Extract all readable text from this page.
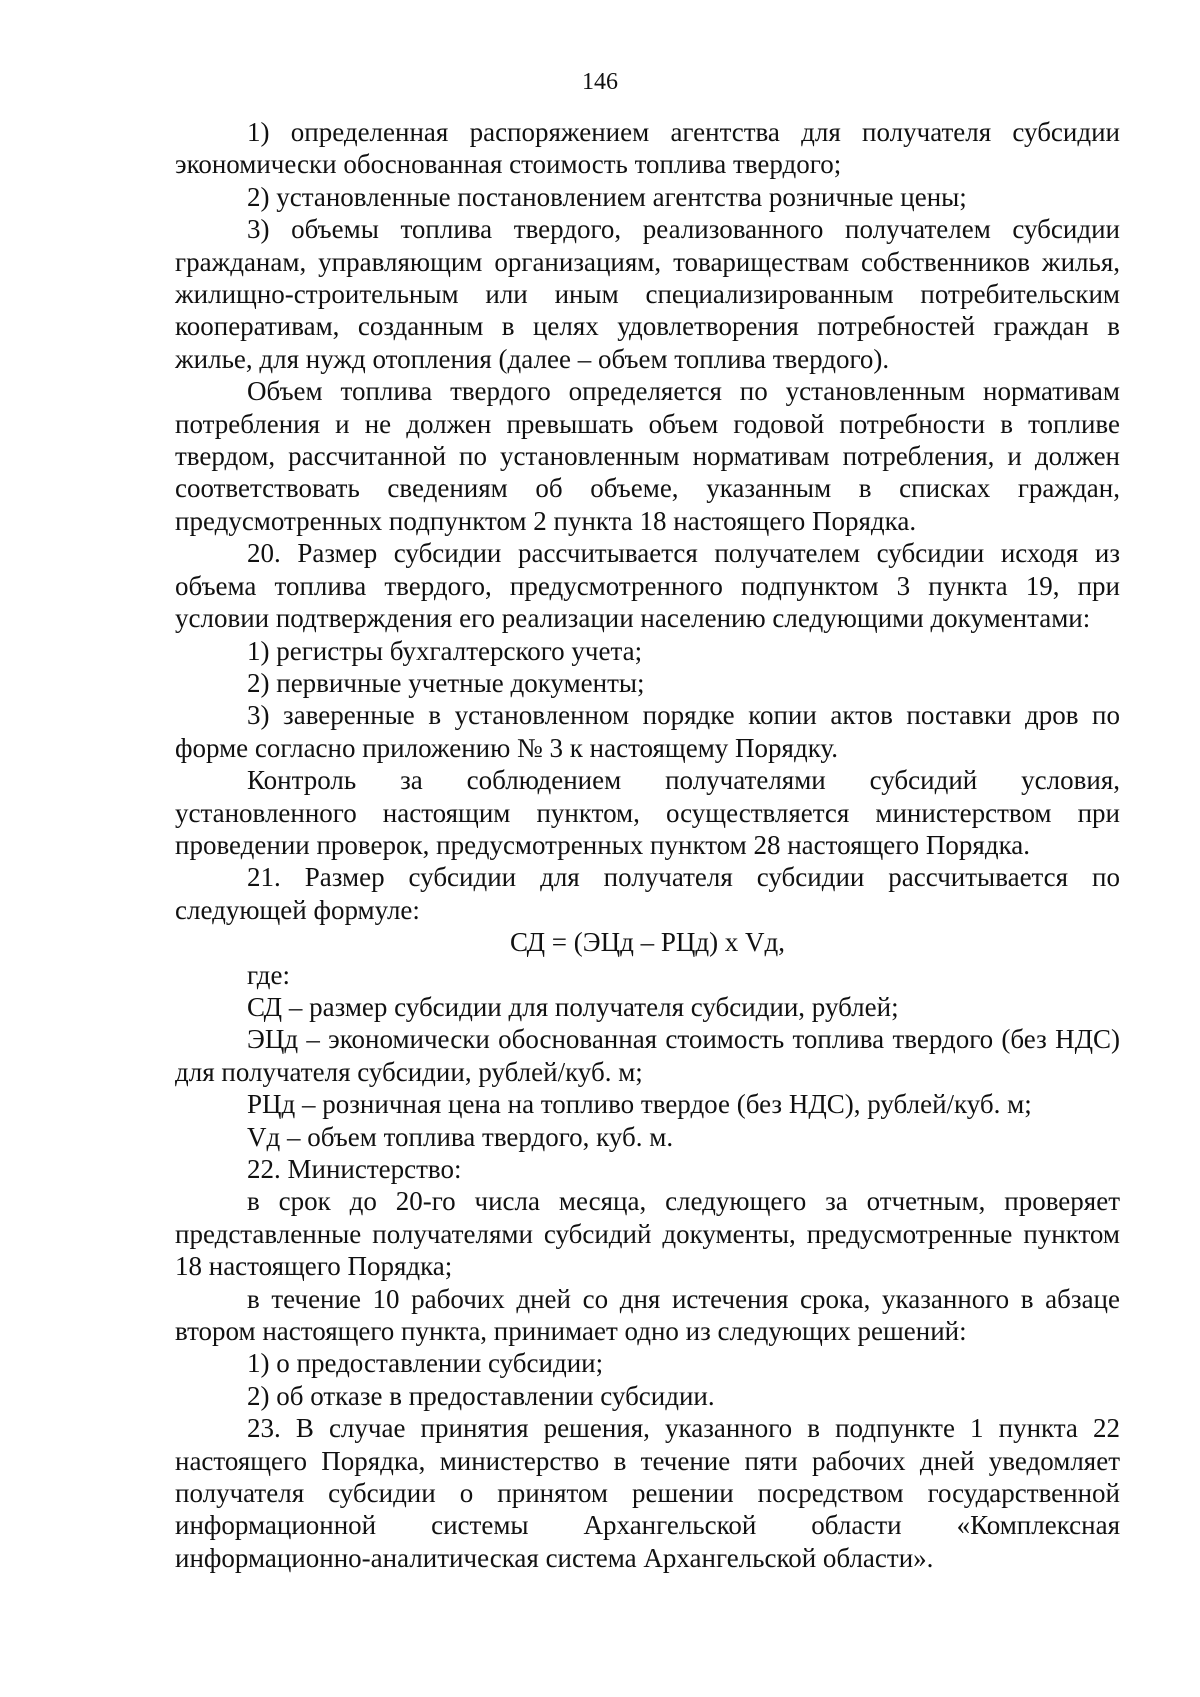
146

1) определенная распоряжением агентства для получателя субсидии экономически обоснованная стоимость топлива твердого;

2) установленные постановлением агентства розничные цены;

3) объемы топлива твердого, реализованного получателем субсидии гражданам, управляющим организациям, товариществам собственников жилья, жилищно-строительным или иным специализированным потребительским кооперативам, созданным в целях удовлетворения потребностей граждан в жилье, для нужд отопления (далее – объем топлива твердого).

Объем топлива твердого определяется по установленным нормативам потребления и не должен превышать объем годовой потребности в топливе твердом, рассчитанной по установленным нормативам потребления, и должен соответствовать сведениям об объеме, указанным в списках граждан, предусмотренных подпунктом 2 пункта 18 настоящего Порядка.

20. Размер субсидии рассчитывается получателем субсидии исходя из объема топлива твердого, предусмотренного подпунктом 3 пункта 19, при условии подтверждения его реализации населению следующими документами:

1) регистры бухгалтерского учета;

2) первичные учетные документы;

3) заверенные в установленном порядке копии актов поставки дров по форме согласно приложению № 3 к настоящему Порядку.

Контроль за соблюдением получателями субсидий условия, установленного настоящим пунктом, осуществляется министерством при проведении проверок, предусмотренных пунктом 28 настоящего Порядка.

21. Размер субсидии для получателя субсидии рассчитывается по следующей формуле:

СД = (ЭЦд – РЦд) х Vд,

где:

СД – размер субсидии для получателя субсидии, рублей;

ЭЦд – экономически обоснованная стоимость топлива твердого (без НДС) для получателя субсидии, рублей/куб. м;

РЦд – розничная цена на топливо твердое (без НДС), рублей/куб. м;

Vд – объем топлива твердого, куб. м.

22. Министерство:

в срок до 20-го числа месяца, следующего за отчетным, проверяет представленные получателями субсидий документы, предусмотренные пунктом 18 настоящего Порядка;

в течение 10 рабочих дней со дня истечения срока, указанного в абзаце втором настоящего пункта, принимает одно из следующих решений:

1) о предоставлении субсидии;

2) об отказе в предоставлении субсидии.

23. В случае принятия решения, указанного в подпункте 1 пункта 22 настоящего Порядка, министерство в течение пяти рабочих дней уведомляет получателя субсидии о принятом решении посредством государственной информационной системы Архангельской области «Комплексная информационно-аналитическая система Архангельской области».
